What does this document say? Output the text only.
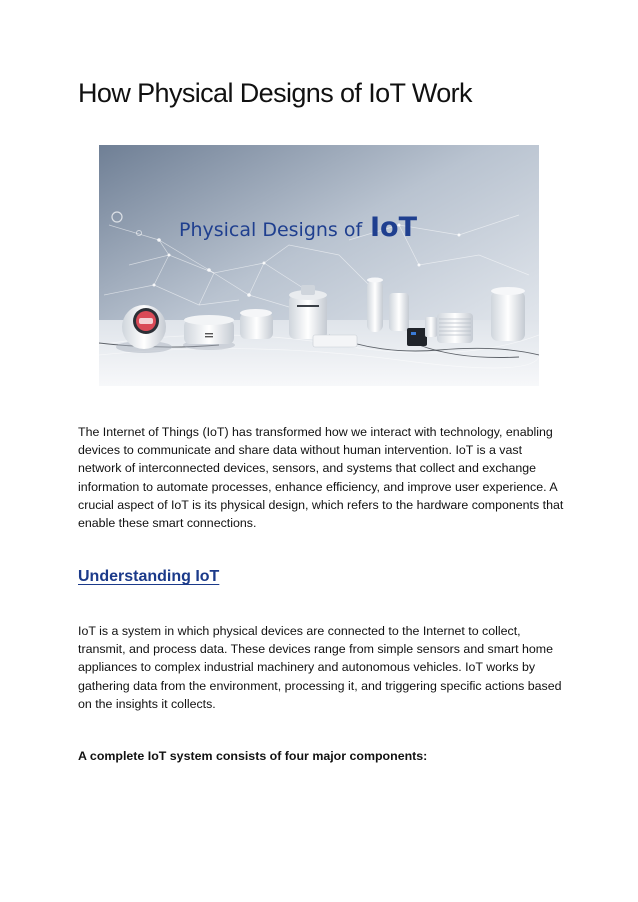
How Physical Designs of IoT Work
Physical Designs of IoT

The Internet of Things (IoT) has transformed how we interact with technology, enabling devices to communicate and share data without human intervention. IoT is a vast network of interconnected devices, sensors, and systems that collect and exchange information to automate processes, enhance efficiency, and improve user experience. A crucial aspect of IoT is its physical design, which refers to the hardware components that enable these smart connections.

Understanding IoT

IoT is a system in which physical devices are connected to the Internet to collect, transmit, and process data. These devices range from simple sensors and smart home appliances to complex industrial machinery and autonomous vehicles. IoT works by gathering data from the environment, processing it, and triggering specific actions based on the insights it collects.

A complete IoT system consists of four major components:
